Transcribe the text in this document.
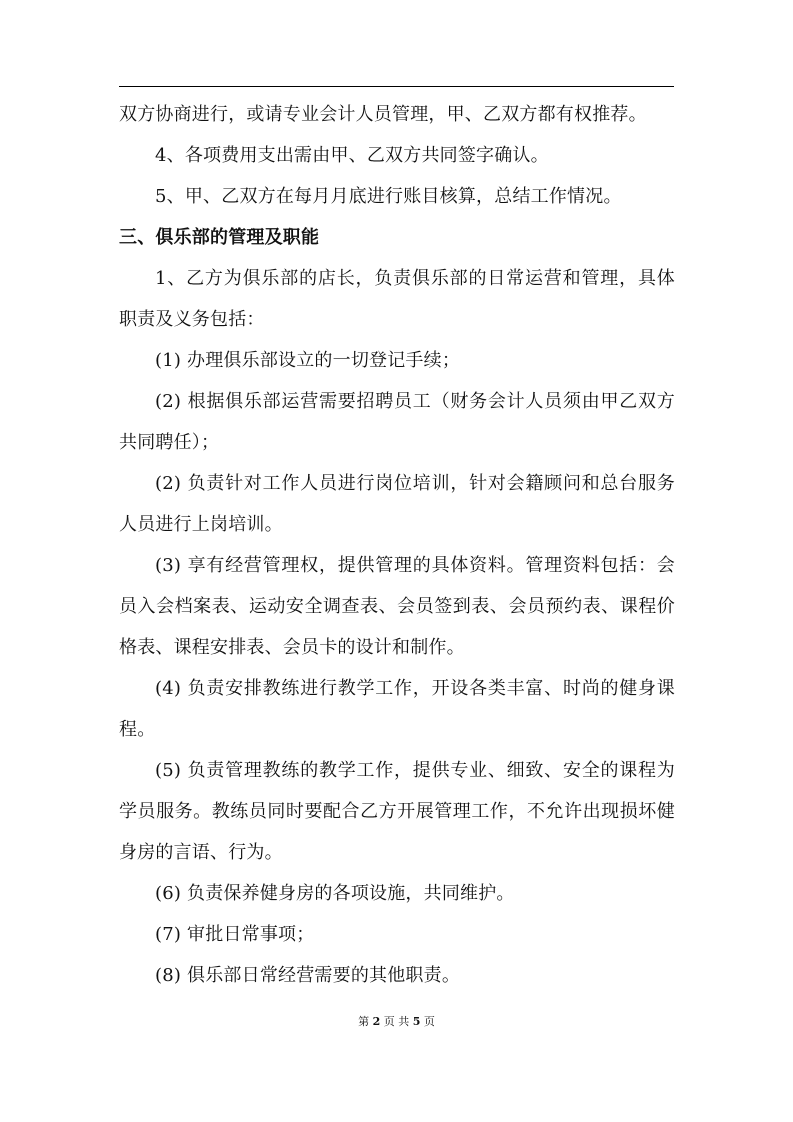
双方协商进行，或请专业会计人员管理，甲、乙双方都有权推荐。

4、各项费用支出需由甲、乙双方共同签字确认。

5、甲、乙双方在每月月底进行账目核算，总结工作情况。

三、俱乐部的管理及职能

1、乙方为俱乐部的店长，负责俱乐部的日常运营和管理，具体职责及义务包括：

(1) 办理俱乐部设立的一切登记手续；

(2) 根据俱乐部运营需要招聘员工（财务会计人员须由甲乙双方共同聘任）；

(2) 负责针对工作人员进行岗位培训，针对会籍顾问和总台服务人员进行上岗培训。

(3) 享有经营管理权，提供管理的具体资料。管理资料包括：会员入会档案表、运动安全调查表、会员签到表、会员预约表、课程价格表、课程安排表、会员卡的设计和制作。

(4) 负责安排教练进行教学工作，开设各类丰富、时尚的健身课程。

(5) 负责管理教练的教学工作，提供专业、细致、安全的课程为学员服务。教练员同时要配合乙方开展管理工作，不允许出现损坏健身房的言语、行为。

(6) 负责保养健身房的各项设施，共同维护。

(7) 审批日常事项；

(8) 俱乐部日常经营需要的其他职责。

第 2 页 共 5 页
